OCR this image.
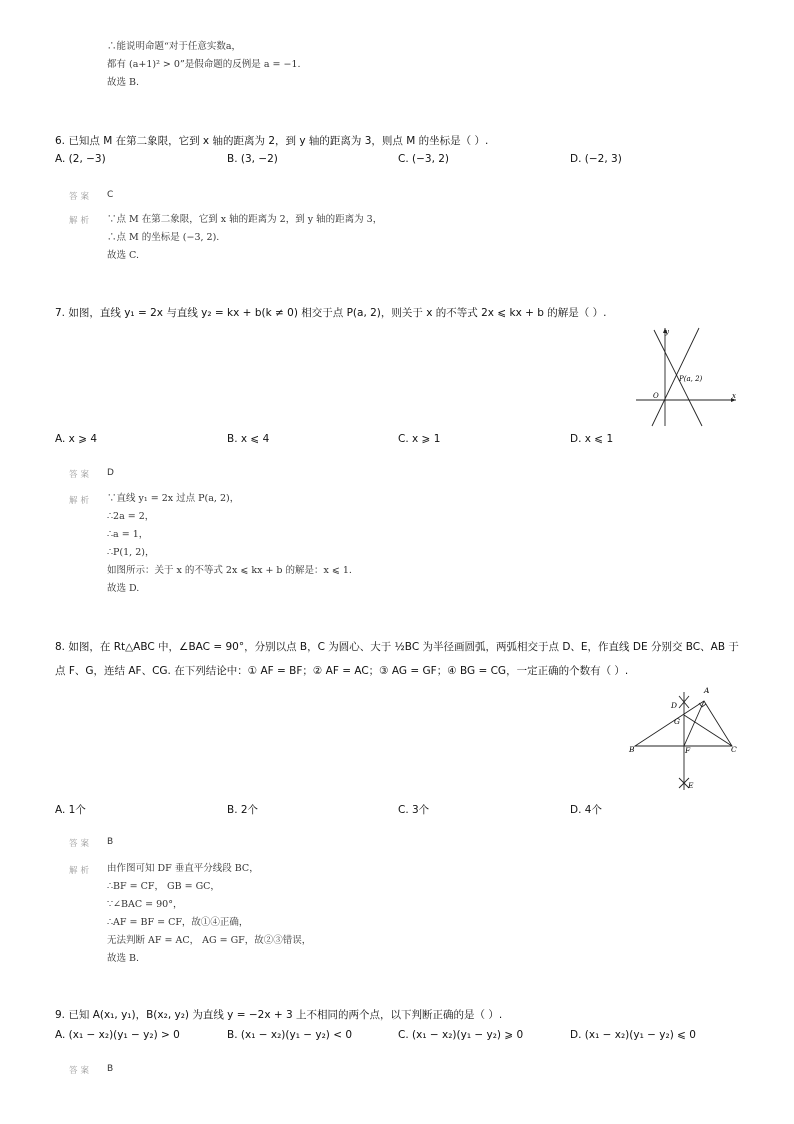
∴能说明命题“对于任意实数a，
都有 (a+1)² > 0”是假命题的反例是 a = −1.
故选 B.
6. 已知点 M 在第二象限，它到 x 轴的距离为 2，到 y 轴的距离为 3，则点 M 的坐标是（ ）.
A. (2, −3)	B. (3, −2)	C. (−3, 2)	D. (−2, 3)
答案 C
解析 ∵点 M 在第二象限，它到 x 轴的距离为 2，到 y 轴的距离为 3，
∴点 M 的坐标是 (−3, 2).
故选 C.
7. 如图，直线 y₁ = 2x 与直线 y₂ = kx + b(k ≠ 0) 相交于点 P(a, 2)，则关于 x 的不等式 2x ⩽ kx + b 的解是（ ）.
y
x
O
P(a, 2)
A. x ⩾ 4	B. x ⩽ 4	C. x ⩾ 1	D. x ⩽ 1
答案 D
解析 ∵直线 y₁ = 2x 过点 P(a, 2)，
∴2a = 2，
∴a = 1，
∴P(1, 2)，
如图所示：关于 x 的不等式 2x ⩽ kx + b 的解是：x ⩽ 1.
故选 D.
8. 如图，在 Rt△ABC 中，∠BAC = 90°，分别以点 B，C 为圆心、大于 ½BC 为半径画圆弧，两弧相交于点 D、E，作直线 DE 分别交 BC、AB 于
点 F、G，连结 AF、CG. 在下列结论中：① AF = BF；② AF = AC；③ AG = GF；④ BG = CG，一定正确的个数有（ ）.
A
B	C
D
E
F
G
A. 1个	B. 2个	C. 3个	D. 4个
答案 B
解析 由作图可知 DF 垂直平分线段 BC，
∴BF = CF， GB = GC，
∵∠BAC = 90°，
∴AF = BF = CF，故①④正确，
无法判断 AF = AC， AG = GF，故②③错误，
故选 B.
9. 已知 A(x₁, y₁)，B(x₂, y₂) 为直线 y = −2x + 3 上不相同的两个点，以下判断正确的是（ ）.
A. (x₁ − x₂)(y₁ − y₂) > 0	B. (x₁ − x₂)(y₁ − y₂) < 0	C. (x₁ − x₂)(y₁ − y₂) ⩾ 0	D. (x₁ − x₂)(y₁ − y₂) ⩽ 0
答案 B
